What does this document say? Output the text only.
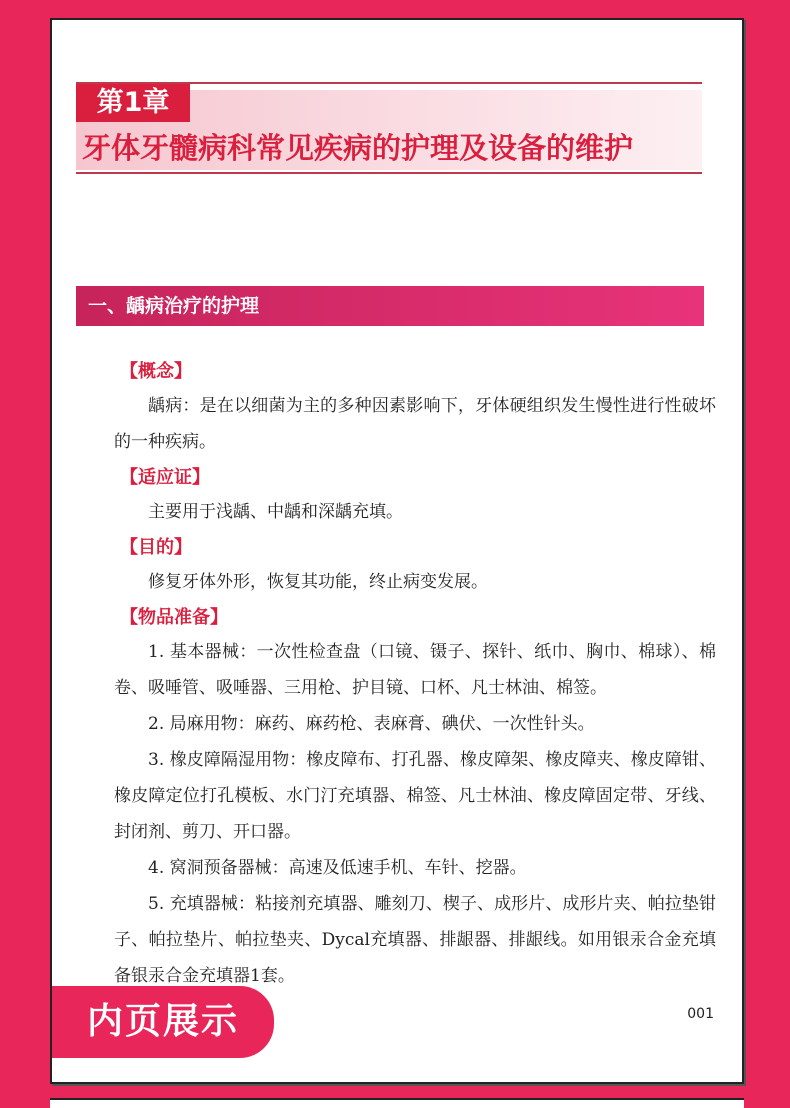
第1章
牙体牙髓病科常见疾病的护理及设备的维护
一、龋病治疗的护理
【概念】
龋病：是在以细菌为主的多种因素影响下，牙体硬组织发生慢性进行性破坏的一种疾病。
【适应证】
主要用于浅龋、中龋和深龋充填。
【目的】
修复牙体外形，恢复其功能，终止病变发展。
【物品准备】
1. 基本器械：一次性检查盘（口镜、镊子、探针、纸巾、胸巾、棉球）、棉卷、吸唾管、吸唾器、三用枪、护目镜、口杯、凡士林油、棉签。
2. 局麻用物：麻药、麻药枪、表麻膏、碘伏、一次性针头。
3. 橡皮障隔湿用物：橡皮障布、打孔器、橡皮障架、橡皮障夹、橡皮障钳、橡皮障定位打孔模板、水门汀充填器、棉签、凡士林油、橡皮障固定带、牙线、封闭剂、剪刀、开口器。
4. 窝洞预备器械：高速及低速手机、车针、挖器。
5. 充填器械：粘接剂充填器、雕刻刀、楔子、成形片、成形片夹、帕拉垫钳子、帕拉垫片、帕拉垫夹、Dycal充填器、排龈器、排龈线。如用银汞合金充填备银汞合金充填器1套。
001
内页展示
